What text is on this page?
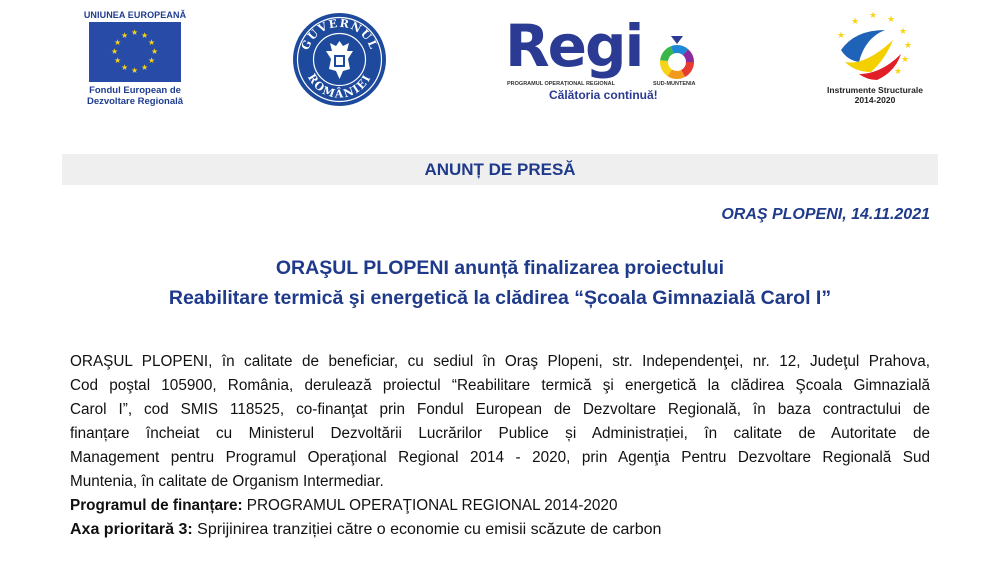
UNIUNEA EUROPEANĂ
★ ★
★
★
★
★
★
★
★
★
★
★
Fondul European de
Dezvoltare Regională
GUVERNUL
ROMÂNIEI Regi
PROGRAMUL OPERAȚIONAL REGIONAL	SUD-MUNTENIA
Călătoria continuă!
★
★ ★
★
★
★
★
★
Instrumente Structurale
2014-2020
ANUNȚ DE PRESĂ
ORAŞ PLOPENI, 14.11.2021
ORAŞUL PLOPENI anunță finalizarea proiectului
Reabilitare termică şi energetică la clădirea “Școala Gimnazială Carol I”
ORAŞUL PLOPENI, în calitate de beneficiar, cu sediul în Oraş Plopeni, str. Independenţei, nr. 12, Judeţul Prahova,
Cod poştal 105900, România, derulează proiectul “Reabilitare termică şi energetică la clădirea Şcoala Gimnazială
Carol I”, cod SMIS 118525, co-finanţat prin Fondul European de Dezvoltare Regională, în baza contractului de
finanțare încheiat cu Ministerul Dezvoltării Lucrărilor Publice și Administrației, în calitate de Autoritate de
Management pentru Programul Operaţional Regional 2014 - 2020, prin Agenţia Pentru Dezvoltare Regională Sud
Muntenia, în calitate de Organism Intermediar.
Programul de finanțare: PROGRAMUL OPERAŢIONAL REGIONAL 2014-2020
Axa prioritară 3: Sprijinirea tranziției către o economie cu emisii scăzute de carbon
